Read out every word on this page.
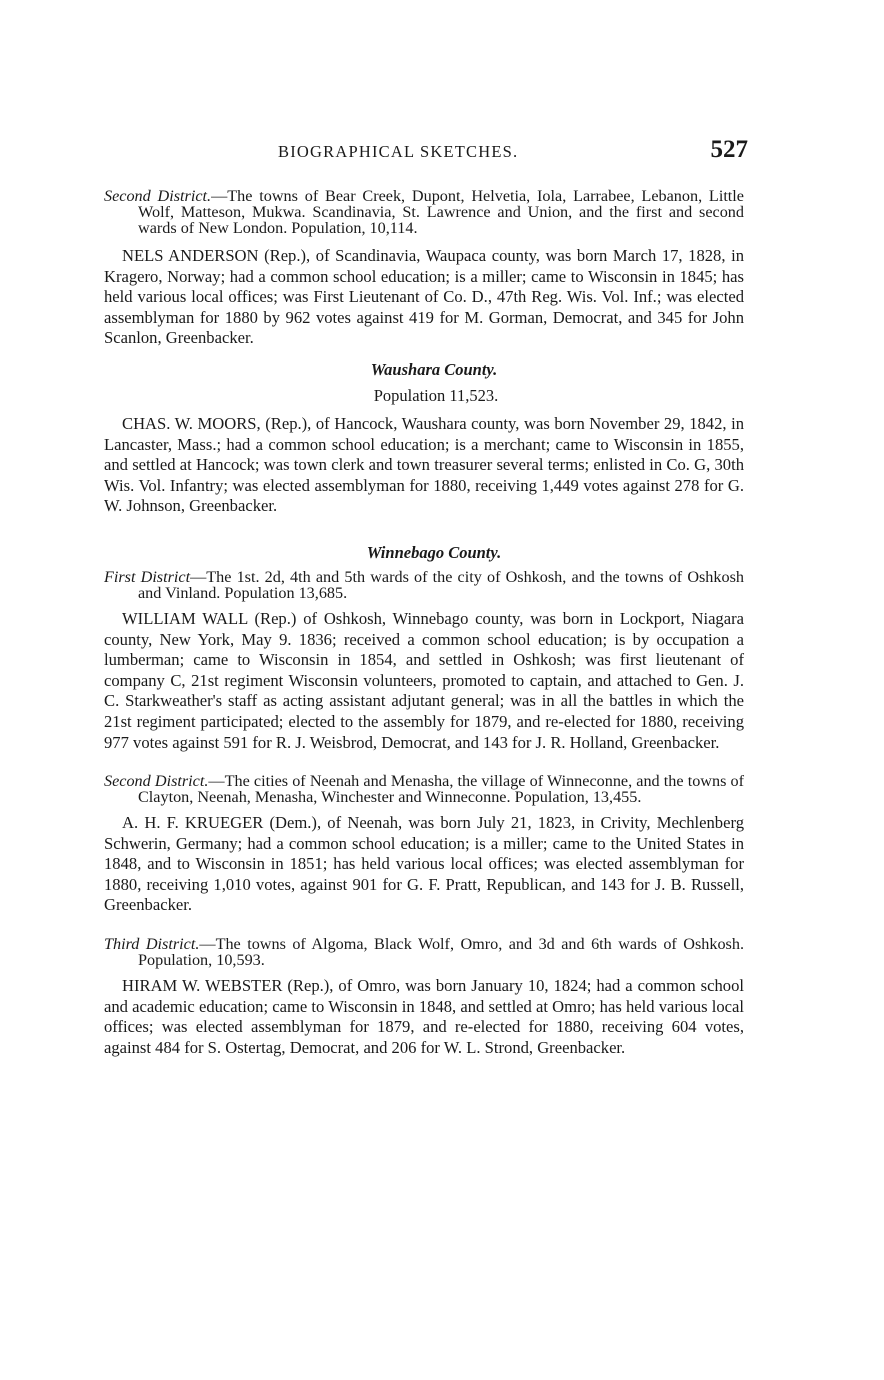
BIOGRAPHICAL SKETCHES.	527

Second District.—The towns of Bear Creek, Dupont, Helvetia, Iola, Larrabee, Lebanon, Little Wolf, Matteson, Mukwa. Scandinavia, St. Lawrence and Union, and the first and second wards of New London. Population, 10,114.

NELS ANDERSON (Rep.), of Scandinavia, Waupaca county, was born March 17, 1828, in Kragero, Norway; had a common school education; is a miller; came to Wisconsin in 1845; has held various local offices; was First Lieutenant of Co. D., 47th Reg. Wis. Vol. Inf.; was elected assemblyman for 1880 by 962 votes against 419 for M. Gorman, Democrat, and 345 for John Scanlon, Greenbacker.

Waushara County.

Population 11,523.

CHAS. W. MOORS, (Rep.), of Hancock, Waushara county, was born November 29, 1842, in Lancaster, Mass.; had a common school education; is a merchant; came to Wisconsin in 1855, and settled at Hancock; was town clerk and town treasurer several terms; enlisted in Co. G, 30th Wis. Vol. Infantry; was elected assemblyman for 1880, receiving 1,449 votes against 278 for G. W. Johnson, Greenbacker.

Winnebago County.

First District—The 1st. 2d, 4th and 5th wards of the city of Oshkosh, and the towns of Oshkosh and Vinland. Population 13,685.

WILLIAM WALL (Rep.) of Oshkosh, Winnebago county, was born in Lockport, Niagara county, New York, May 9. 1836; received a common school education; is by occupation a lumberman; came to Wisconsin in 1854, and settled in Oshkosh; was first lieutenant of company C, 21st regiment Wisconsin volunteers, promoted to captain, and attached to Gen. J. C. Starkweather's staff as acting assistant adjutant general; was in all the battles in which the 21st regiment participated; elected to the assembly for 1879, and re-elected for 1880, receiving 977 votes against 591 for R. J. Weisbrod, Democrat, and 143 for J. R. Holland, Greenbacker.

Second District.—The cities of Neenah and Menasha, the village of Winneconne, and the towns of Clayton, Neenah, Menasha, Winchester and Winneconne. Population, 13,455.

A. H. F. KRUEGER (Dem.), of Neenah, was born July 21, 1823, in Crivity, Mechlenberg Schwerin, Germany; had a common school education; is a miller; came to the United States in 1848, and to Wisconsin in 1851; has held various local offices; was elected assemblyman for 1880, receiving 1,010 votes, against 901 for G. F. Pratt, Republican, and 143 for J. B. Russell, Greenbacker.

Third District.—The towns of Algoma, Black Wolf, Omro, and 3d and 6th wards of Oshkosh. Population, 10,593.

HIRAM W. WEBSTER (Rep.), of Omro, was born January 10, 1824; had a common school and academic education; came to Wisconsin in 1848, and settled at Omro; has held various local offices; was elected assemblyman for 1879, and re-elected for 1880, receiving 604 votes, against 484 for S. Ostertag, Democrat, and 206 for W. L. Strond, Greenbacker.
